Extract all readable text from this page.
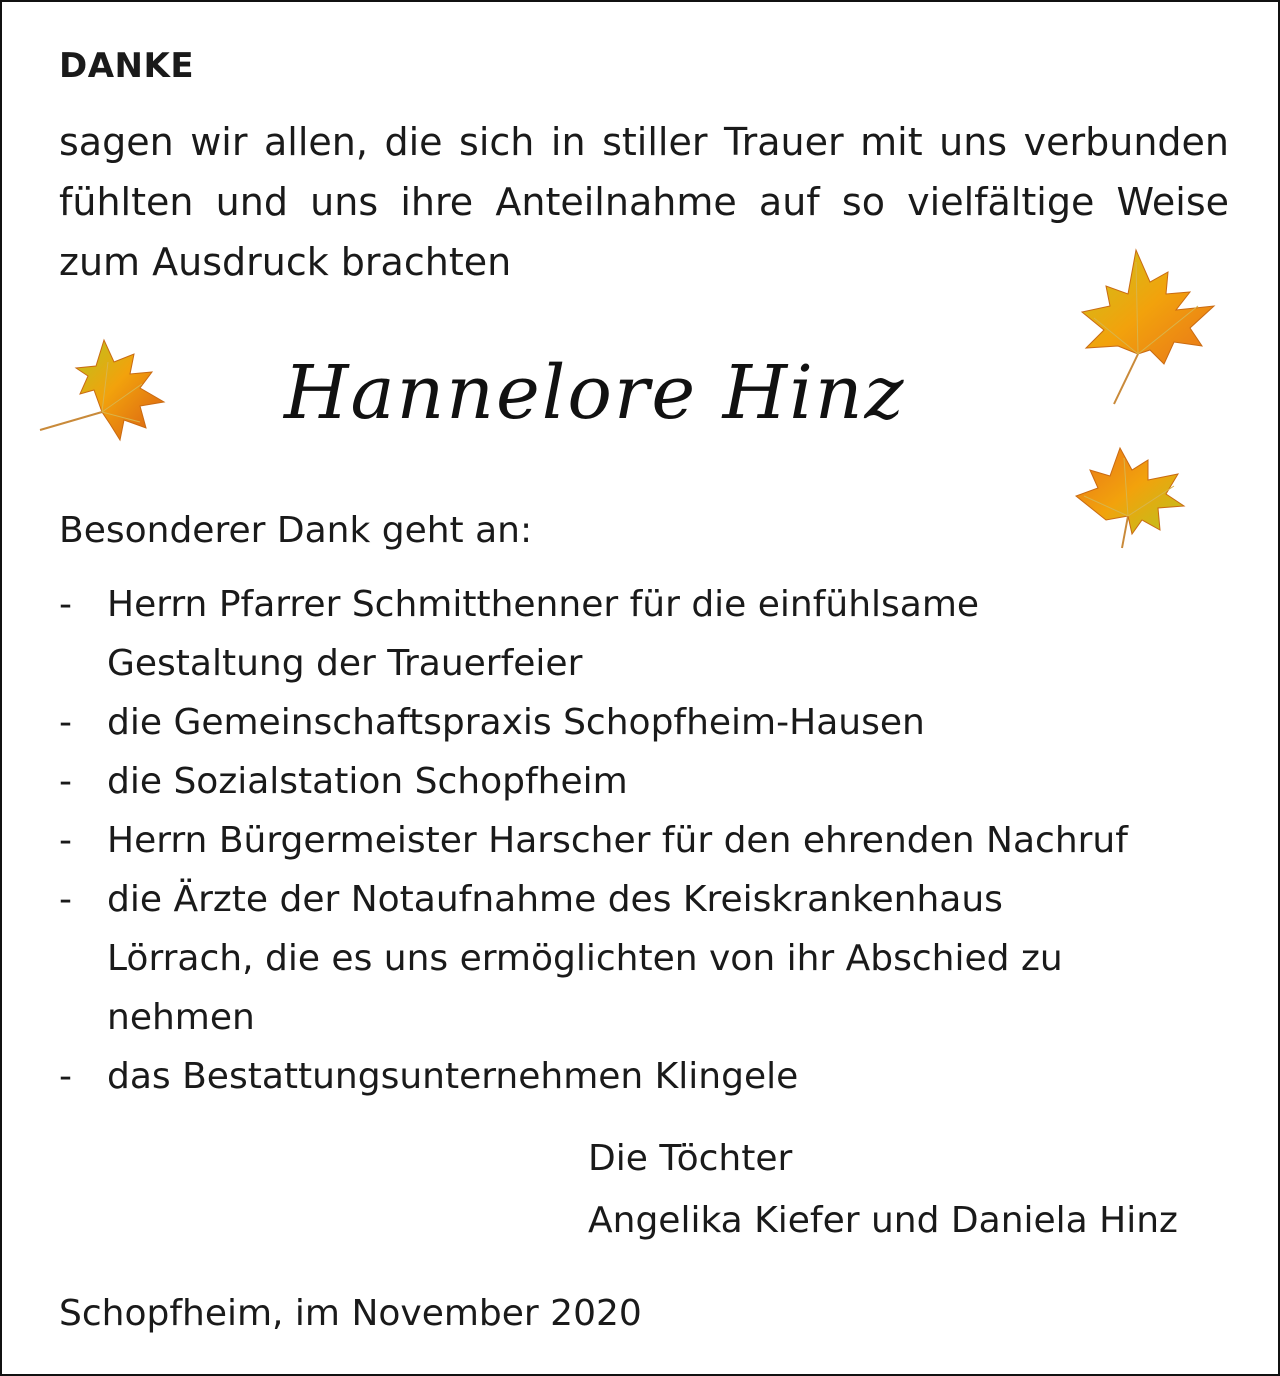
DANKE
sagen wir allen, die sich in stiller Trauer mit uns verbunden
fühlten und uns ihre Anteilnahme auf so vielfältige Weise
zum Ausdruck brachten
Hannelore Hinz
Besonderer Dank geht an:
- Herrn Pfarrer Schmitthenner für die einfühlsame
Gestaltung der Trauerfeier
- die Gemeinschaftspraxis Schopfheim-Hausen
- die Sozialstation Schopfheim
- Herrn Bürgermeister Harscher für den ehrenden Nachruf
- die Ärzte der Notaufnahme des Kreiskrankenhaus
Lörrach, die es uns ermöglichten von ihr Abschied zu
nehmen
- das Bestattungsunternehmen Klingele
Die Töchter
Angelika Kiefer und Daniela Hinz
Schopfheim, im November 2020
